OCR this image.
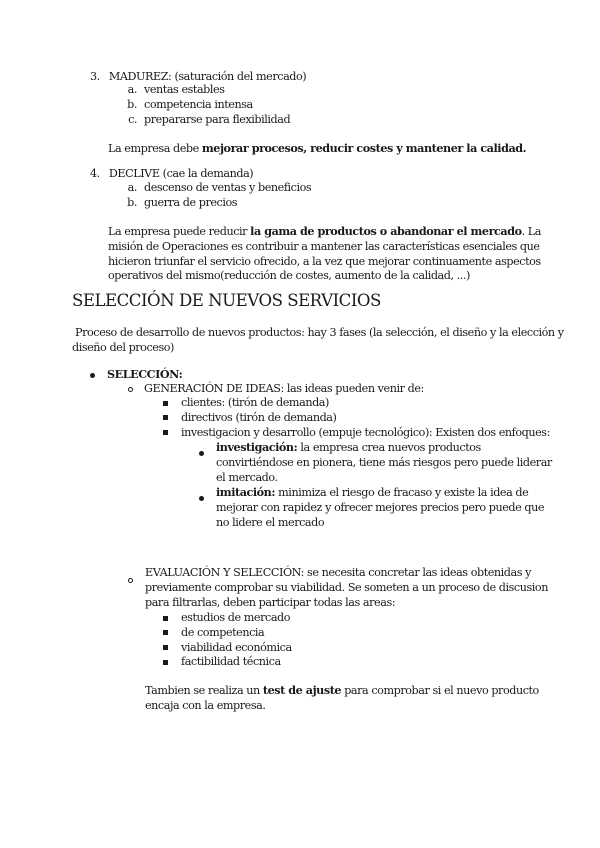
3. MADUREZ: (saturación del mercado)
a. ventas estables
b. competencia intensa
c. prepararse para flexibilidad
La empresa debe mejorar procesos, reducir costes y mantener la calidad.
4. DECLIVE (cae la demanda)
a. descenso de ventas y beneficios
b. guerra de precios
La empresa puede reducir la gama de productos o abandonar el mercado. La
misión de Operaciones es contribuir a mantener las características esenciales que
hicieron triunfar el servicio ofrecido, a la vez que mejorar continuamente aspectos
operativos del mismo(reducción de costes, aumento de la calidad, ...)
SELECCIÓN DE NUEVOS SERVICIOS
Proceso de desarrollo de nuevos productos: hay 3 fases (la selección, el diseño y la elección y
diseño del proceso)
SELECCIÓN:
GENERACIÓN DE IDEAS: las ideas pueden venir de:
clientes: (tirón de demanda)
directivos (tirón de demanda)
investigacion y desarrollo (empuje tecnológico): Existen dos enfoques:
investigación: la empresa crea nuevos productos
convirtiéndose en pionera, tiene más riesgos pero puede liderar
el mercado.
imitación: minimiza el riesgo de fracaso y existe la idea de
mejorar con rapidez y ofrecer mejores precios pero puede que
no lidere el mercado
EVALUACIÓN Y SELECCIÓN: se necesita concretar las ideas obtenidas y
previamente comprobar su viabilidad. Se someten a un proceso de discusion
para filtrarlas, deben participar todas las areas:
estudios de mercado
de competencia
viabilidad económica
factibilidad técnica
Tambien se realiza un test de ajuste para comprobar si el nuevo producto
encaja con la empresa.
